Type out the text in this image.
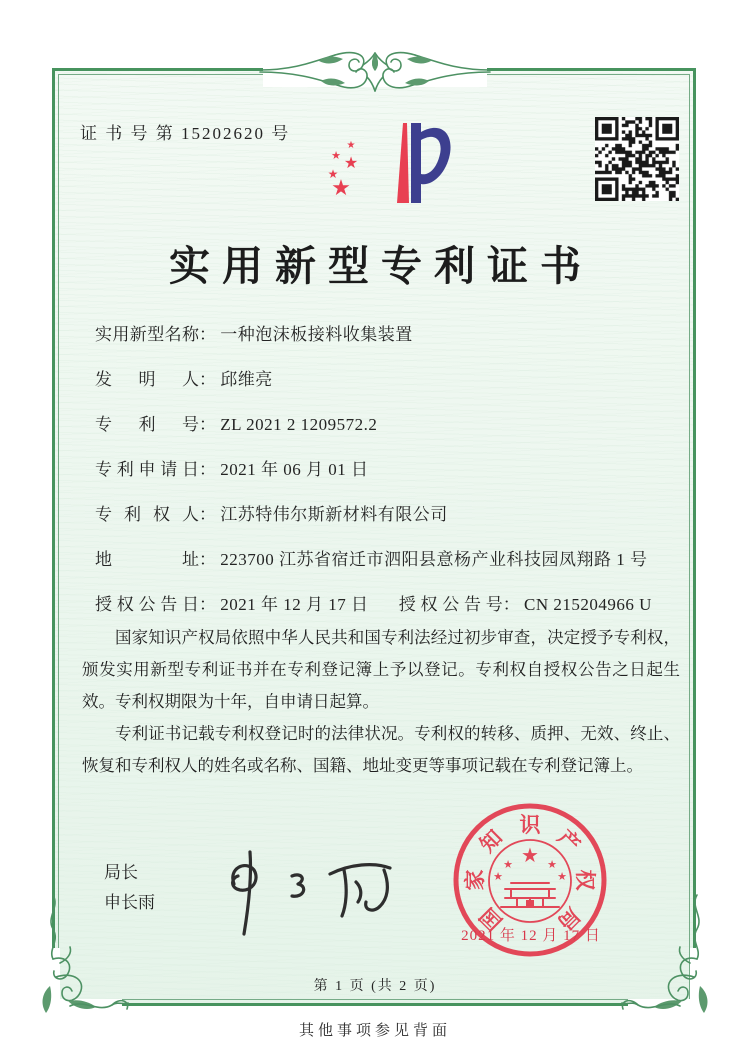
证 书 号 第 15202620 号
★
★
★
★
★
实用新型专利证书
实用新型名称： 一种泡沫板接料收集装置
发明人： 邱维亮
专利号： ZL 2021 2 1209572.2
专利申请日： 2021 年 06 月 01 日
专利权人： 江苏特伟尔斯新材料有限公司
地址： 223700 江苏省宿迁市泗阳县意杨产业科技园凤翔路 1 号
授权公告日： 2021 年 12 月 17 日 授权公告号： CN 215204966 U

国家知识产权局依照中华人民共和国专利法经过初步审查，决定授予专利权，颁发实用新型专利证书并在专利登记簿上予以登记。专利权自授权公告之日起生效。专利权期限为十年，自申请日起算。

专利证书记载专利权登记时的法律状况。专利权的转移、质押、无效、终止、恢复和专利权人的姓名或名称、国籍、地址变更等事项记载在专利登记簿上。

局长
申长雨
★
★	★
★	★
国
家
知
识
产
权
局
2021 年 12 月 17 日
第 1 页 (共 2 页)
其他事项参见背面
